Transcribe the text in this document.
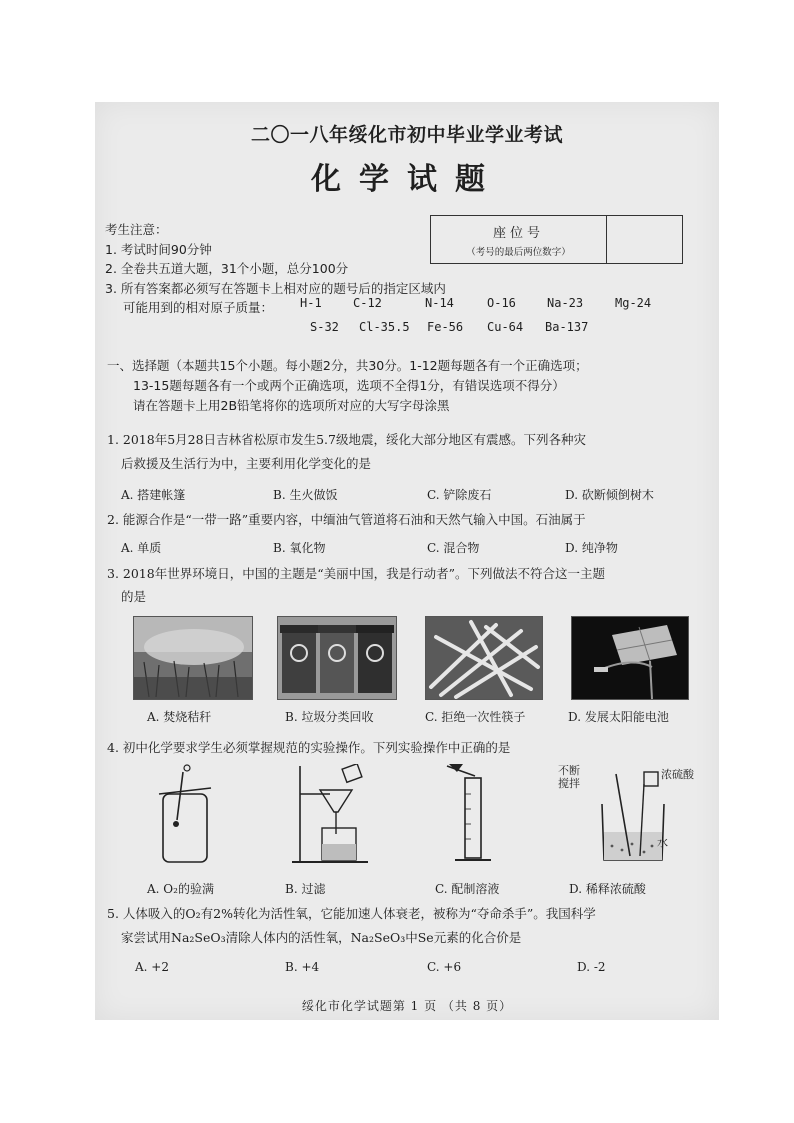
二〇一八年绥化市初中毕业学业考试
化学试题
考生注意：
1. 考试时间90分钟
2. 全卷共五道大题，31个小题，总分100分
3. 所有答案都必须写在答题卡上相对应的题号后的指定区域内
可能用到的相对原子质量：	H-1	C-12	N-14	O-16	Na-23	Mg-24
S-32 Cl-35.5 Fe-56 Cu-64 Ba-137
座位号
（考号的最后两位数字）
一、选择题（本题共15个小题。每小题2分，共30分。1-12题每题各有一个正确选项；
13-15题每题各有一个或两个正确选项，选项不全得1分，有错误选项不得分）
请在答题卡上用2B铅笔将你的选项所对应的大写字母涂黑
1. 2018年5月28日吉林省松原市发生5.7级地震，绥化大部分地区有震感。下列各种灾
后救援及生活行为中，主要利用化学变化的是
A. 搭建帐篷	B. 生火做饭	C. 铲除废石	D. 砍断倾倒树木
2. 能源合作是“一带一路”重要内容，中缅油气管道将石油和天然气输入中国。石油属于
A. 单质	B. 氧化物	C. 混合物	D. 纯净物
3. 2018年世界环境日，中国的主题是“美丽中国，我是行动者”。下列做法不符合这一主题
的是
A. 焚烧秸秆	B. 垃圾分类回收	C. 拒绝一次性筷子	D. 发展太阳能电池
4. 初中化学要求学生必须掌握规范的实验操作。下列实验操作中正确的是
不断搅拌
浓硫酸
水
A. O₂的验满	B. 过滤	C. 配制溶液	D. 稀释浓硫酸
5. 人体吸入的O₂有2%转化为活性氧，它能加速人体衰老，被称为“夺命杀手”。我国科学
家尝试用Na₂SeO₃清除人体内的活性氧，Na₂SeO₃中Se元素的化合价是
A. +2	B. +4	C. +6	D. -2
绥化市化学试题第 1 页 （共 8 页）
